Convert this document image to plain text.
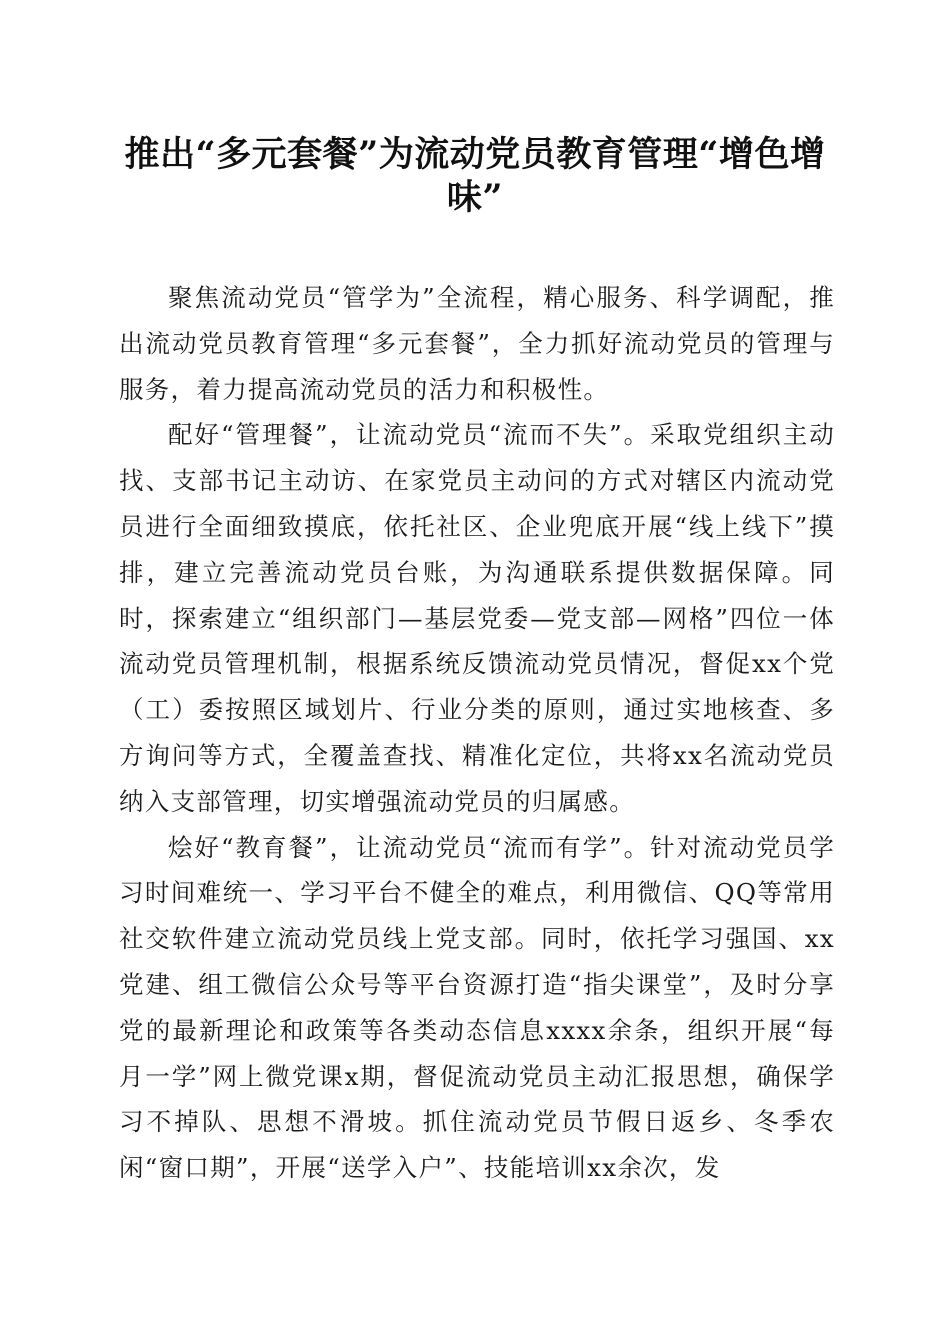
推出“多元套餐”为流动党员教育管理“增色增味”

聚焦流动党员“管学为”全流程，精心服务、科学调配，推出流动党员教育管理“多元套餐”，全力抓好流动党员的管理与服务，着力提高流动党员的活力和积极性。

配好“管理餐”，让流动党员“流而不失”。采取党组织主动找、支部书记主动访、在家党员主动问的方式对辖区内流动党员进行全面细致摸底，依托社区、企业兜底开展“线上线下”摸排，建立完善流动党员台账，为沟通联系提供数据保障。同时，探索建立“组织部门—基层党委—党支部—网格”四位一体流动党员管理机制，根据系统反馈流动党员情况，督促xx个党（工）委按照区域划片、行业分类的原则，通过实地核查、多方询问等方式，全覆盖查找、精准化定位，共将xx名流动党员纳入支部管理，切实增强流动党员的归属感。

烩好“教育餐”，让流动党员“流而有学”。针对流动党员学习时间难统一、学习平台不健全的难点，利用微信、QQ等常用社交软件建立流动党员线上党支部。同时，依托学习强国、xx党建、组工微信公众号等平台资源打造“指尖课堂”，及时分享党的最新理论和政策等各类动态信息xxxx余条，组织开展“每月一学”网上微党课x期，督促流动党员主动汇报思想，确保学习不掉队、思想不滑坡。抓住流动党员节假日返乡、冬季农闲“窗口期”，开展“送学入户”、技能培训xx余次，发
